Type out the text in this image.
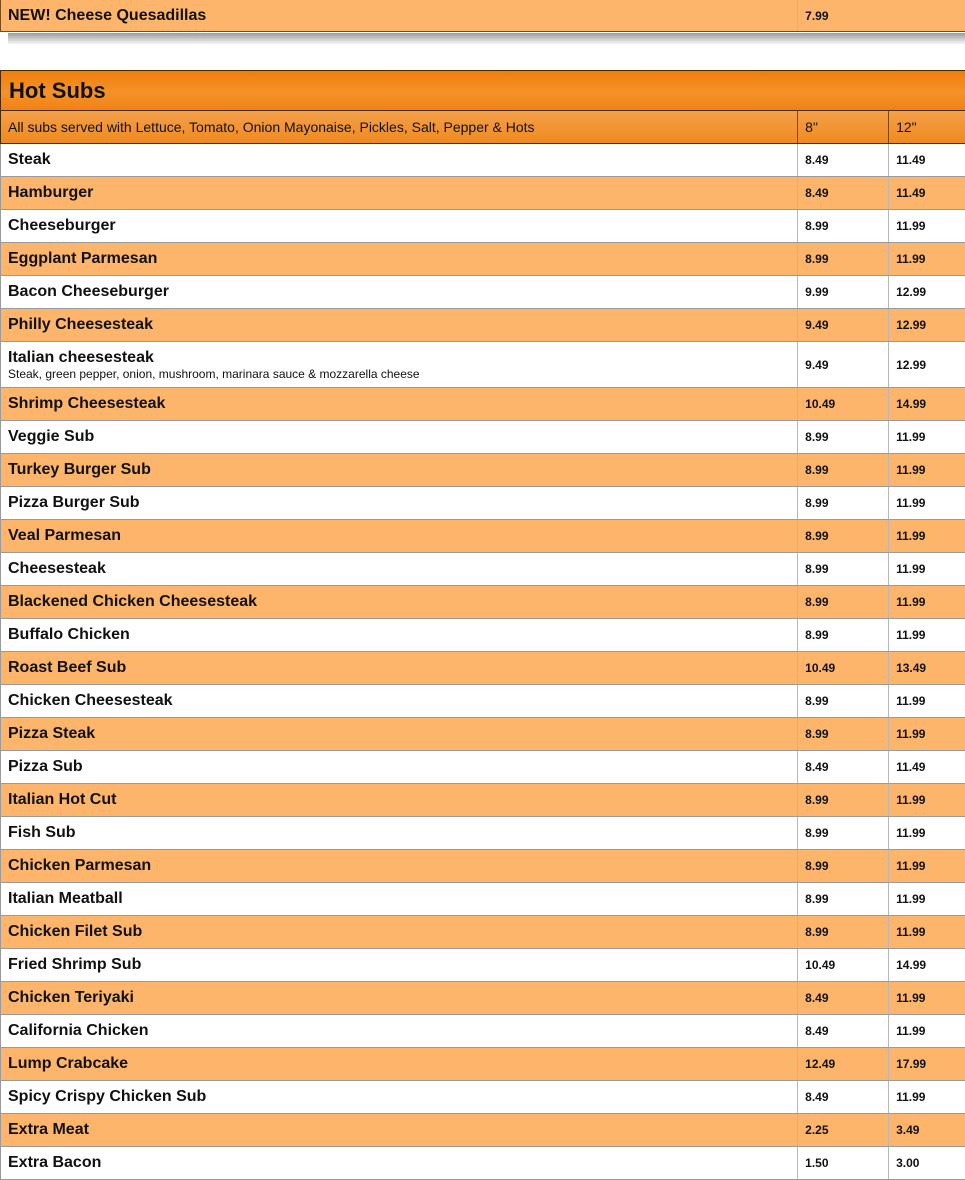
NEW! Cheese Quesadillas	7.99
Hot Subs
All subs served with Lettuce, Tomato, Onion Mayonaise, Pickles, Salt, Pepper & Hots	8"	12"
Steak	8.49	11.49
Hamburger	8.49	11.49
Cheeseburger	8.99	11.99
Eggplant Parmesan	8.99	11.99
Bacon Cheeseburger	9.99	12.99
Philly Cheesesteak	9.49	12.99
Italian cheesesteak
Steak, green pepper, onion, mushroom, marinara sauce & mozzarella cheese
9.49	12.99
Shrimp Cheesesteak	10.49	14.99
Veggie Sub	8.99	11.99
Turkey Burger Sub	8.99	11.99
Pizza Burger Sub	8.99	11.99
Veal Parmesan	8.99	11.99
Cheesesteak	8.99	11.99
Blackened Chicken Cheesesteak	8.99	11.99
Buffalo Chicken	8.99	11.99
Roast Beef Sub	10.49	13.49
Chicken Cheesesteak	8.99	11.99
Pizza Steak	8.99	11.99
Pizza Sub	8.49	11.49
Italian Hot Cut	8.99	11.99
Fish Sub	8.99	11.99
Chicken Parmesan	8.99	11.99
Italian Meatball	8.99	11.99
Chicken Filet Sub	8.99	11.99
Fried Shrimp Sub	10.49	14.99
Chicken Teriyaki	8.49	11.99
California Chicken	8.49	11.99
Lump Crabcake	12.49	17.99
Spicy Crispy Chicken Sub	8.49	11.99
Extra Meat	2.25	3.49
Extra Bacon	1.50	3.00
